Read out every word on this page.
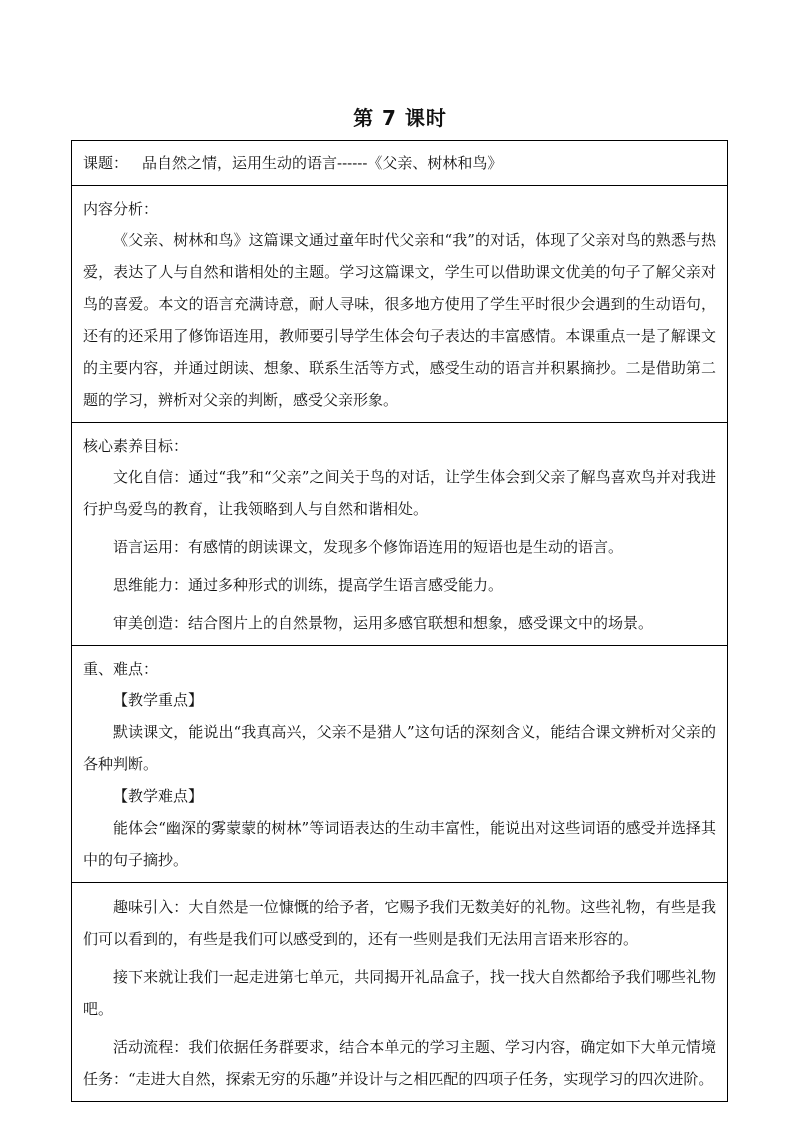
第 7 课时
课题： 品自然之情，运用生动的语言------《父亲、树林和鸟》

内容分析：

《父亲、树林和鸟》这篇课文通过童年时代父亲和“我”的对话，体现了父亲对鸟的熟悉与热爱，表达了人与自然和谐相处的主题。学习这篇课文，学生可以借助课文优美的句子了解父亲对鸟的喜爱。本文的语言充满诗意，耐人寻味，很多地方使用了学生平时很少会遇到的生动语句，还有的还采用了修饰语连用，教师要引导学生体会句子表达的丰富感情。本课重点一是了解课文的主要内容，并通过朗读、想象、联系生活等方式，感受生动的语言并积累摘抄。二是借助第二题的学习，辨析对父亲的判断，感受父亲形象。

核心素养目标：

文化自信：通过“我”和“父亲”之间关于鸟的对话，让学生体会到父亲了解鸟喜欢鸟并对我进行护鸟爱鸟的教育，让我领略到人与自然和谐相处。

语言运用：有感情的朗读课文，发现多个修饰语连用的短语也是生动的语言。

思维能力：通过多种形式的训练，提高学生语言感受能力。

审美创造：结合图片上的自然景物，运用多感官联想和想象，感受课文中的场景。

重、难点：

【教学重点】

默读课文，能说出“我真高兴，父亲不是猎人”这句话的深刻含义，能结合课文辨析对父亲的各种判断。

【教学难点】

能体会“幽深的雾蒙蒙的树林”等词语表达的生动丰富性，能说出对这些词语的感受并选择其中的句子摘抄。

趣味引入：大自然是一位慷慨的给予者，它赐予我们无数美好的礼物。这些礼物，有些是我们可以看到的，有些是我们可以感受到的，还有一些则是我们无法用言语来形容的。

接下来就让我们一起走进第七单元，共同揭开礼品盒子，找一找大自然都给予我们哪些礼物吧。

活动流程：我们依据任务群要求，结合本单元的学习主题、学习内容，确定如下大单元情境任务：“走进大自然，探索无穷的乐趣”并设计与之相匹配的四项子任务，实现学习的四次进阶。
